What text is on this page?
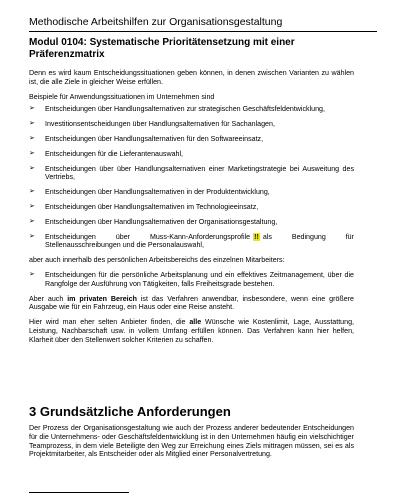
Methodische Arbeitshilfen zur Organisationsgestaltung
Modul 0104: Systematische Prioritätensetzung mit einer Präferenzmatrix

Denn es wird kaum Entscheidungssituationen geben können, in denen zwischen Varianten zu wählen ist, die alle Ziele in gleicher Weise erfüllen.

Beispiele für Anwendungssituationen im Unternehmen sind

➢ Entscheidungen über Handlungsalternativen zur strategischen Geschäftsfeldentwicklung,
➢ Investitionsentscheidungen über Handlungsalternativen für Sachanlagen,
➢ Entscheidungen über Handlungsalternativen für den Softwareeinsatz,
➢ Entscheidungen für die Lieferantenauswahl,
➢ Entscheidungen über über Handlungsalternativen einer Marketingstrategie bei Ausweitung des Vertriebs,
➢ Entscheidungen über Handlungsalternativen in der Produktentwicklung,
➢ Entscheidungen über Handlungsalternativen im Technologieeinsatz,
➢ Entscheidungen über Handlungsalternativen der Organisationsgestaltung,
➢ Entscheidungen über Muss-Kann-Anforderungsprofile !! als Bedingung für Stellenausschreibungen und die Personalauswahl,

aber auch innerhalb des persönlichen Arbeitsbereichs des einzelnen Mitarbeiters:

➢ Entscheidungen für die persönliche Arbeitsplanung und ein effektives Zeitmanagement, über die Rangfolge der Ausführung von Tätigkeiten, falls Freiheitsgrade bestehen.

Aber auch im privaten Bereich ist das Verfahren anwendbar, insbesondere, wenn eine größere Ausgabe wie für ein Fahrzeug, ein Haus oder eine Reise ansteht.

Hier wird man eher selten Anbieter finden, die alle Wünsche wie Kostenlimit, Lage, Ausstattung, Leistung, Nachbarschaft usw. in vollem Umfang erfüllen können. Das Verfahren kann hier helfen, Klarheit über den Stellenwert solcher Kriterien zu schaffen.

3 Grundsätzliche Anforderungen
Der Prozess der Organisationsgestaltung wie auch der Prozess anderer bedeutender Entscheidungen für die Unternehmens- oder Geschäftsfeldentwicklung ist in den Unternehmen häufig ein vielschichtiger Teamprozess, in dem viele Beteiligte den Weg zur Erreichung eines Ziels mittragen müssen, sei es als Projektmitarbeiter, als Entscheider oder als Mitglied einer Personalvertretung.
